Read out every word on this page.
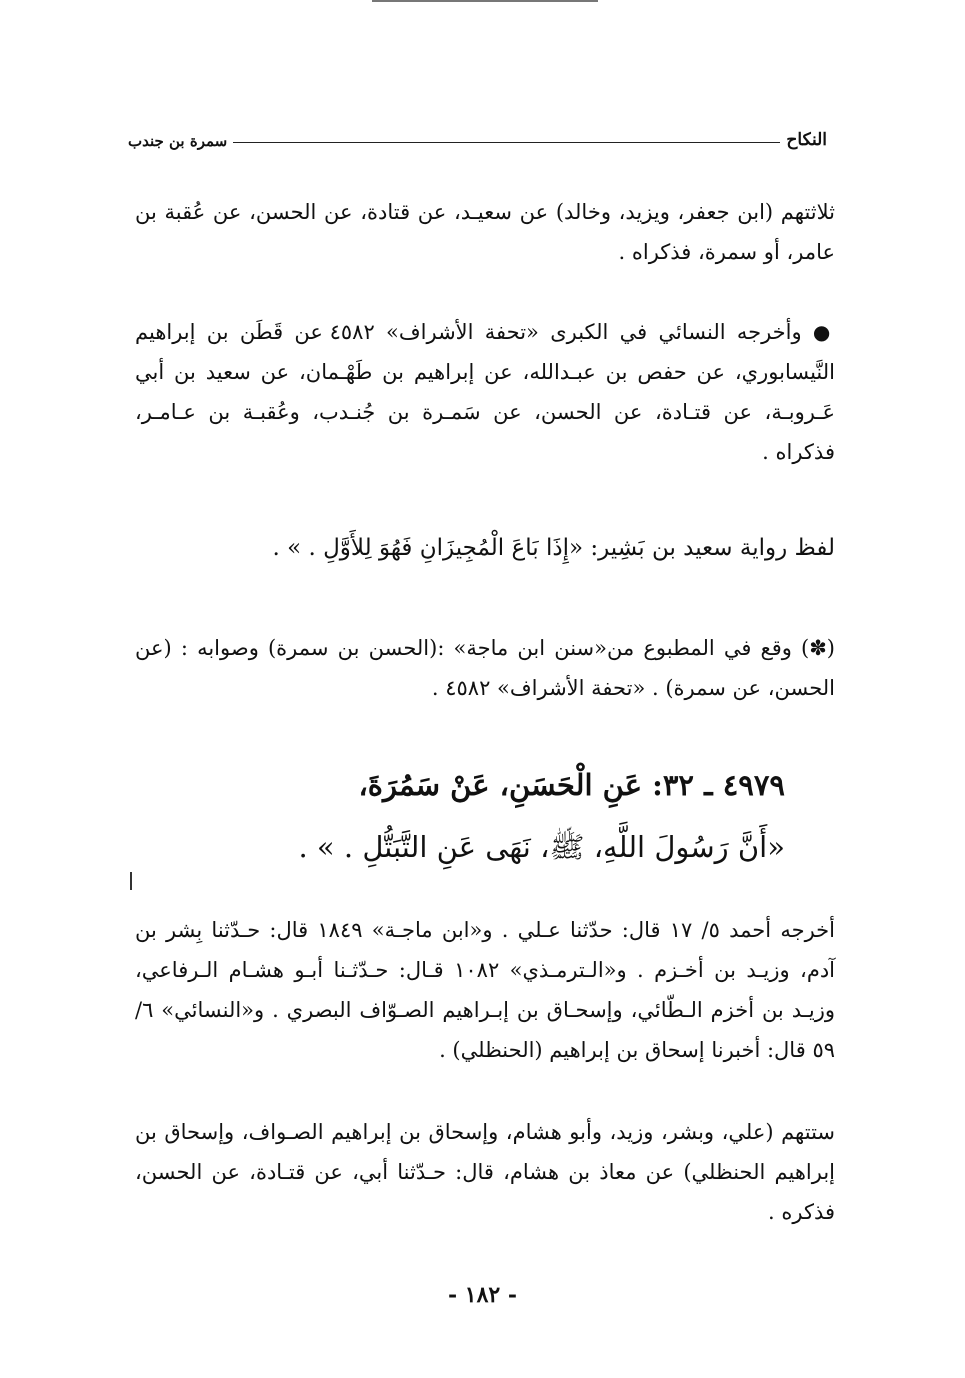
النكاح
سمرة بن جندب
ثلاثتهم (ابن جعفر، ويزيد، وخالد) عن سعيـد، عن قتادة، عن الحسن، عن عُقبة بن عامر، أو سمرة، فذكراه .
● وأخرجه النسائي في الكبرى «تحفة الأشراف» ٤٥٨٢ عن قَطَن بن إبراهيم النَّيسابوري، عن حفص بن عبـدالله، عن إبراهيم بن طَهْـمان، عن سعيد بن أبي عَـروبـة، عن قتـادة، عن الحسن، عن سَمـرة بن جُنـدب، وعُقبـة بن عـامـر، فذكراه .
لفظ رواية سعيد بن بَشِير: «إِذَا بَاعَ الْمُجِيزَانِ فَهُوَ لِلأَوَّلِ . » .
(✽) وقع في المطبوع من«سنن ابن ماجة» :(الحسن بن سمرة) وصوابه : (عن الحسن، عن سمرة) . «تحفة الأشراف» ٤٥٨٢ .
٤٩٧٩ ـ ٣٢: عَنِ الْحَسَنِ، عَنْ سَمُرَةَ،
«أَنَّ رَسُولَ اللَّهِ، ﷺ، نَهَى عَنِ التَّبَتُّلِ . » .
أخرجه أحمد ٥/ ١٧ قال: حدّثنا عـلي . و«ابن ماجـة» ١٨٤٩ قال: حـدّثنا بِشر بن آدم، وزيـد بن أخـزم . و«الـترمـذي» ١٠٨٢ قـال: حـدّثـنا أبـو هشـام الـرفاعي، وزيـد بن أخزم الـطّائي، وإسحـاق بن إبـراهيم الصـوّاف البصري . و«النسائي» ٦/ ٥٩ قال: أخبرنا إسحاق بن إبراهيم (الحنظلي) .
ستتهم (علي، وبشر، وزيد، وأبو هشام، وإسحاق بن إبراهيم الصـواف، وإسحاق بن إبراهيم الحنظلي) عن معاذ بن هشام، قال: حـدّثنا أبي، عن قتـادة، عن الحسن، فذكره .
- ١٨٢ -
